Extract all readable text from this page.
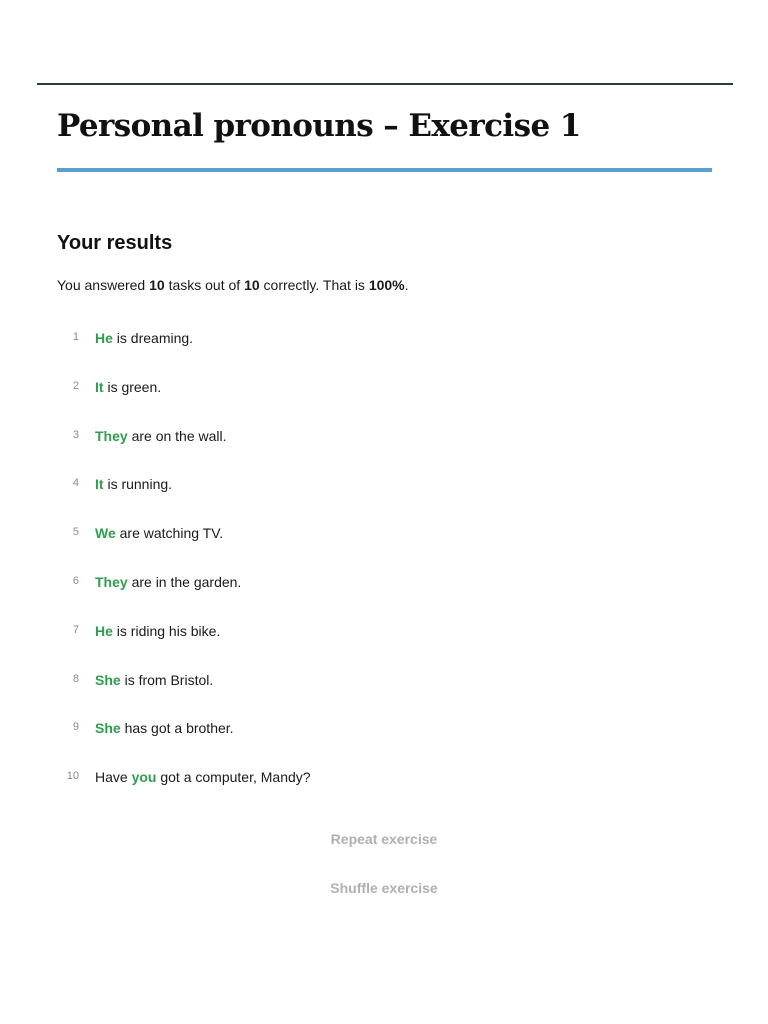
Personal pronouns – Exercise 1
Your results

You answered 10 tasks out of 10 correctly. That is 100%.

1 He is dreaming.
2 It is green.
3 They are on the wall.
4 It is running.
5 We are watching TV.
6 They are in the garden.
7 He is riding his bike.
8 She is from Bristol.
9 She has got a brother.
10 Have you got a computer, Mandy?
Repeat exercise
Shuffle exercise
